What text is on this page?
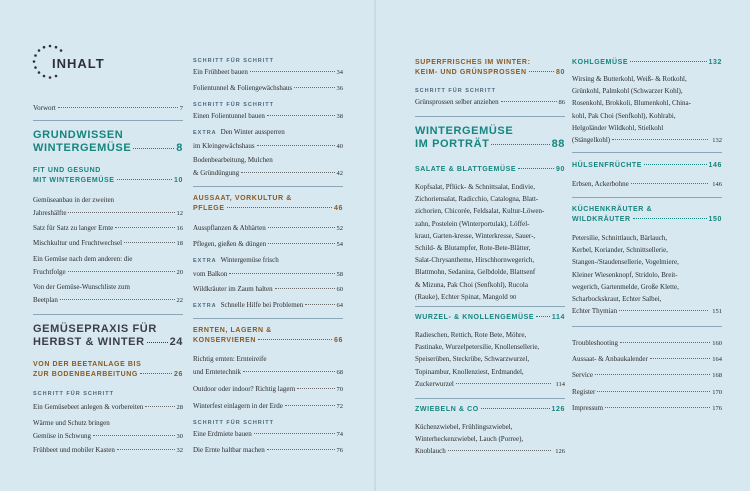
INHALT
Vorwort	7
GRUNDWISSEN
WINTERGEMÜSE	8
FIT UND GESUND
MIT WINTERGEMÜSE	10
Gemüseanbau in der zweiten
Jahreshälfte	12
Satz für Satz zu langer Ernte	16
Mischkultur und Fruchtwechsel	18
Ein Gemüse nach dem anderen: die
Fruchtfolge	20
Von der Gemüse-Wunschliste zum
Beetplan	22
GEMÜSEPRAXIS FÜR
HERBST & WINTER 24
VON DER BEETANLAGE BIS
ZUR BODENBEARBEITUNG	26
SCHRITT FÜR SCHRITT
Ein Gemüsebeet anlegen & vorbereiten	28
Wärme und Schutz bringen
Gemüse in Schwung	30
Frühbeet und mobiler Kasten	32
SCHRITT FÜR SCHRITT
Ein Frühbeet bauen	34
Folientunnel & Foliengewächshaus	36
SCHRITT FÜR SCHRITT
Einen Folientunnel bauen	38
EXTRA Den Winter aussperren
im Kleingewächshaus	40
Bodenbearbeitung, Mulchen
& Gründüngung	42
AUSSAAT, VORKULTUR &
PFLEGE	46
Ausspflanzen & Abhärten	52
Pflegen, gießen & düngen	54
EXTRA Wintergemüse frisch
vom Balkon	58
Wildkräuter im Zaum halten	60
EXTRA Schnelle Hilfe bei Problemen	64
ERNTEN, LAGERN &
KONSERVIEREN	66
Richtig ernten: Ernteireife
und Erntetechnik	68
Outdoor oder indoor? Richtig lagern	70
Winterfest einlagern in der Erde	72
SCHRITT FÜR SCHRITT
Eine Erdmiete bauen	74
Die Ernte haltbar machen	76
SUPERFRISCHES IM WINTER:
KEIM- UND GRÜNSPROSSEN	80
SCHRITT FÜR SCHRITT
Grünsprossen selber anziehen	86
WINTERGEMÜSE
IM PORTRÄT	88
SALATE & BLATTGEMÜSE	90
Kopfsalat, Pflück- & Schnittsalat, Endivie,
Zichoriensalat, Radicchio, Catalogna, Blatt-
zichorien, Chicorée, Feldsalat, Kultur-Löwen-
zahn, Postelein (Winterportulak), Löffel-
kraut, Garten-kresse, Winterkresse, Sauer-,
Schild- & Blutampfer, Rote-Bete-Blätter,
Salat-Chrysantheme, Hirschhornwegerich,
Blattmohn, Sedanina, Gelbdolde, Blattsenf
& Mizuna, Pak Choi (Senfkohl), Rucola
(Rauke), Echter Spinat, Mangold 90
WURZEL- & KNOLLENGEMÜSE	114
Radieschen, Rettich, Rote Bete, Möhre,
Pastinake, Wurzelpetersilie, Knollensellerie,
Speiserüben, Steckrübe, Schwarzwurzel,
Topinambur, Knollenziest, Erdmandel,
Zuckerwurzel	114
ZWIEBELN & CO	126
Küchenzwiebel, Frühlingszwiebel,
Winterheckenzwiebel, Lauch (Porree),
Knoblauch	126
KOHLGEMÜSE	132
Wirsing & Butterkohl, Weiß- & Rotkohl,
Grünkohl, Palmkohl (Schwarzer Kohl),
Rosenkohl, Brokkoli, Blumenkohl, China-
kohl, Pak Choi (Senfkohl), Kohlrabi,
Helgoländer Wildkohl, Stielkohl
(Stängelkohl)	132
HÜLSENFRÜCHTE	146
Erbsen, Ackerbohne	146
KÜCHENKRÄUTER &
WILDKRÄUTER	150
Petersilie, Schnittlauch, Bärlauch,
Kerbel, Koriander, Schnittsellerie,
Stangen-/Staudensellerie, Vogelmiere,
Kleiner Wiesenknopf, Stridolo, Breit-
wegerich, Gartenmelde, Große Klette,
Scharbockskraut, Echter Salbei,
Echter Thymian	151
Troubleshooting	160
Aussaat- & Anbaukalender	164
Service	168
Register	170
Impressum	176
